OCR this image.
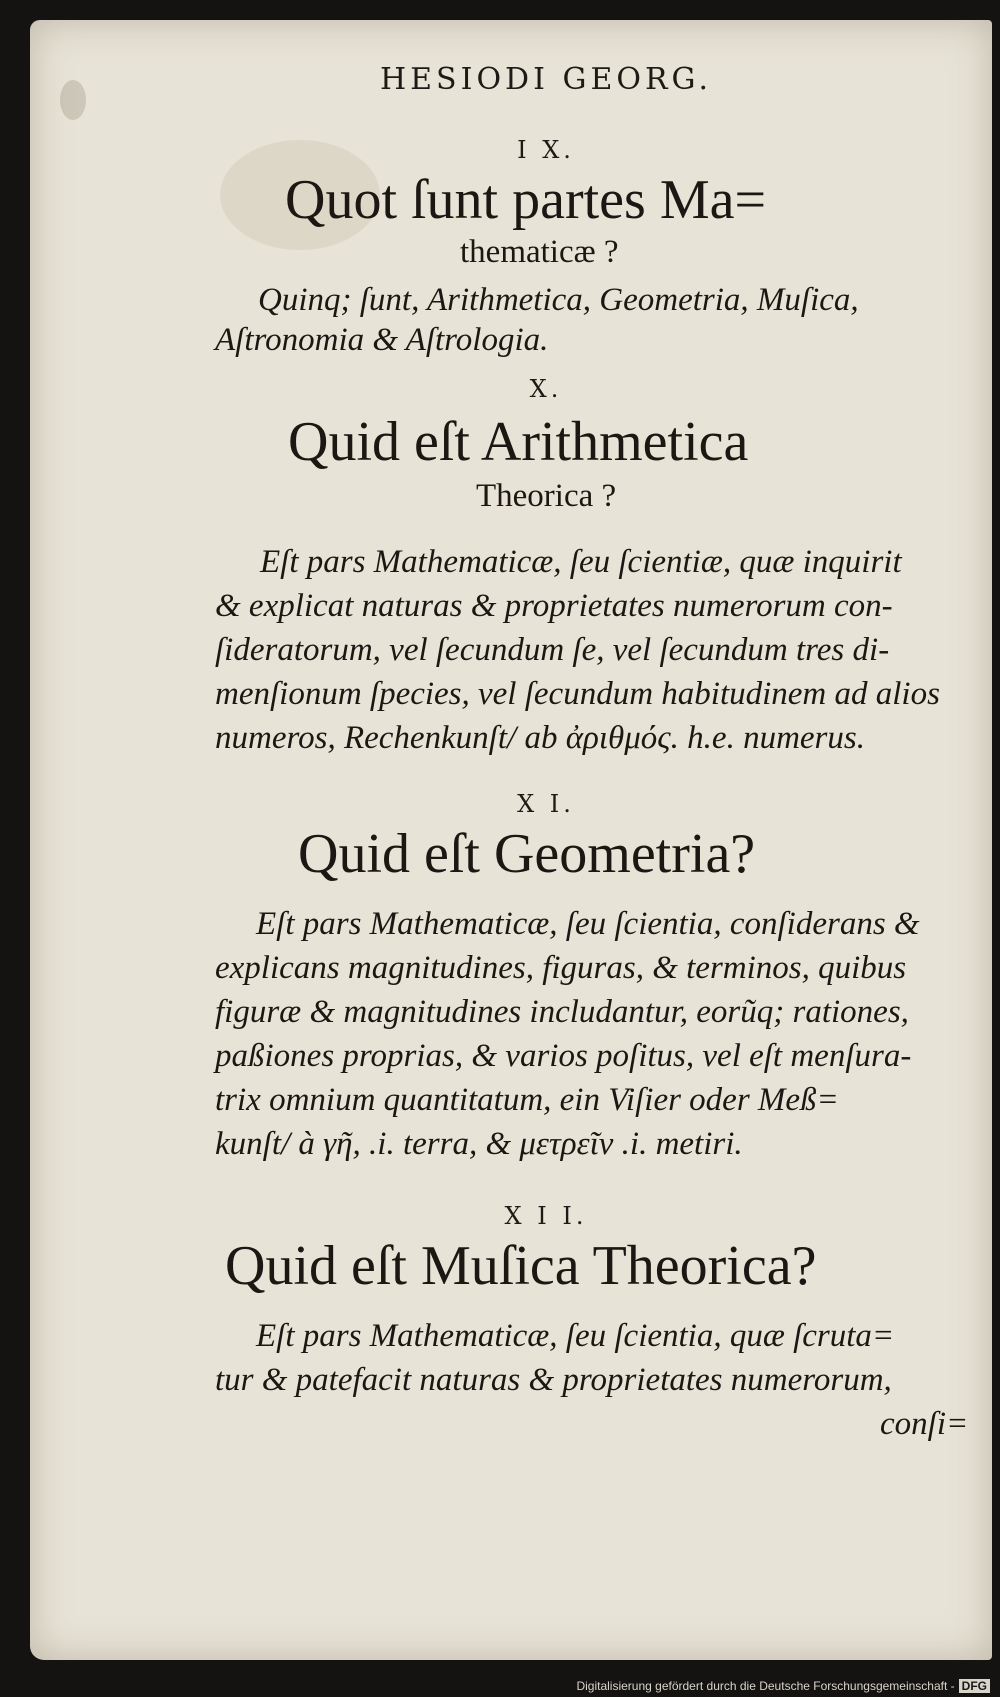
HESIODI GEORG.
I X.
Quot ſunt partes Ma=
thematicæ ?
Quinq; ſunt, Arithmetica, Geometria, Muſica,
Aſtronomia & Aſtrologia.
X.
Quid eſt Arithmetica
Theorica ?
Eſt pars Mathematicæ, ſeu ſcientiæ, quæ inquirit
& explicat naturas & proprietates numerorum con-
ſideratorum, vel ſecundum ſe, vel ſecundum tres di-
menſionum ſpecies, vel ſecundum habitudinem ad alios
numeros, Rechenkunſt/ ab ἀριθμός. h.e. numerus.
X I.
Quid eſt Geometria?
Eſt pars Mathematicæ, ſeu ſcientia, conſiderans &
explicans magnitudines, figuras, & terminos, quibus
figuræ & magnitudines includantur, eorũq; rationes,
paßiones proprias, & varios poſitus, vel eſt menſura-
trix omnium quantitatum, ein Viſier oder Meß=
kunſt/ à γῆ, .i. terra, & μετρεῖν .i. metiri.
X I I.
Quid eſt Muſica Theorica?
Eſt pars Mathematicæ, ſeu ſcientia, quæ ſcruta=
tur & patefacit naturas & proprietates numerorum,
conſi=
Digitalisierung gefördert durch die Deutsche Forschungsgemeinschaft - DFG
